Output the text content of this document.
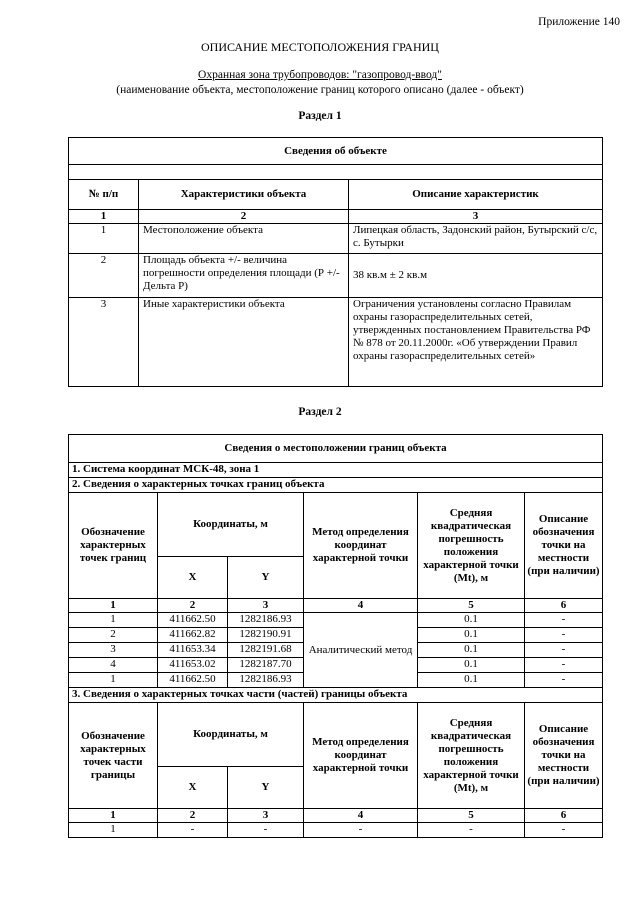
Приложение 140
ОПИСАНИЕ МЕСТОПОЛОЖЕНИЯ ГРАНИЦ
Охранная зона трубопроводов: "газопровод-ввод"
(наименование объекта, местоположение границ которого описано (далее - объект)
Раздел 1
Сведения об объекте		

№ п/п	Характеристики объекта	Описание характеристик
1	2	3
1	Местоположение объекта	Липецкая область, Задонский район, Бутырский с/с, с. Бутырки
2	Площадь объекта +/- величина погрешности определения площади (Р +/- Дельта Р)	38 кв.м ± 2 кв.м
3	Иные характеристики объекта	Ограничения установлены согласно Правилам охраны газораспределительных сетей, утвержденных постановлением Правительства РФ № 878 от 20.11.2000г. «Об утверждении Правил охраны газораспределительных сетей»
Раздел 2
Сведения о местоположении границ объекта					
1. Система координат МСК-48, зона 1					
2. Сведения о характерных точках границ объекта					
Обозначение характерных точек границ	Координаты, м		Метод определения координат характерной точки	Средняя квадратическая погрешность положения характерной точки (Mt), м	Описание обозначения точки на местности (при наличии)
	X	Y			
1	2	3	4	5	6
1	411662.50	1282186.93	Аналитический метод	0.1	-
2	411662.82	1282190.91		0.1	-
3	411653.34	1282191.68		0.1	-
4	411653.02	1282187.70		0.1	-
1	411662.50	1282186.93		0.1	-
3. Сведения о характерных точках части (частей) границы объекта					
Обозначение характерных точек части границы	Координаты, м		Метод определения координат характерной точки	Средняя квадратическая погрешность положения характерной точки (Mt), м	Описание обозначения точки на местности (при наличии)
	X	Y			
1	2	3	4	5	6
1	-	-	-	-	-
